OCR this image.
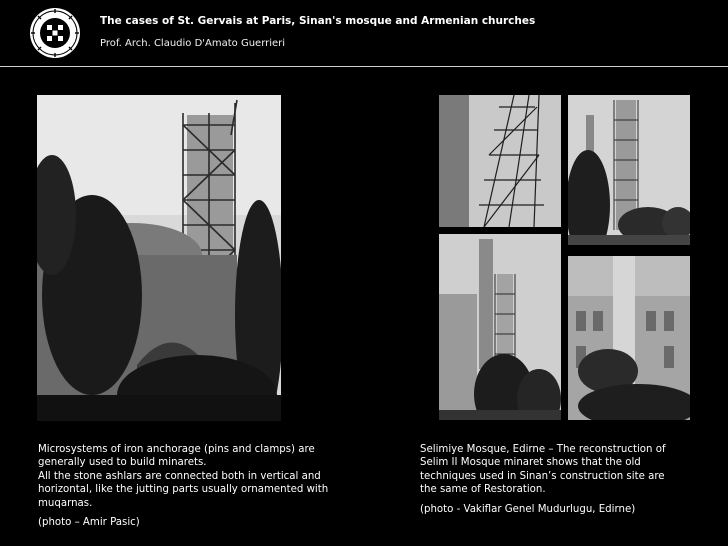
The cases of St. Gervais at Paris, Sinan's mosque and Armenian churches
Prof. Arch. Claudio D'Amato Guerrieri

Microsystems of iron anchorage (pins and clamps) are

generally used to build minarets.

All the stone ashlars are connected both in vertical and

horizontal, like the jutting parts usually ornamented with

muqarnas.

(photo – Amir Pasic)

Selimiye Mosque, Edirne – The reconstruction of

Selim II Mosque minaret shows that the old

techniques used in Sinan’s construction site are

the same of Restoration.

(photo - Vakiflar Genel Mudurlugu, Edirne)
